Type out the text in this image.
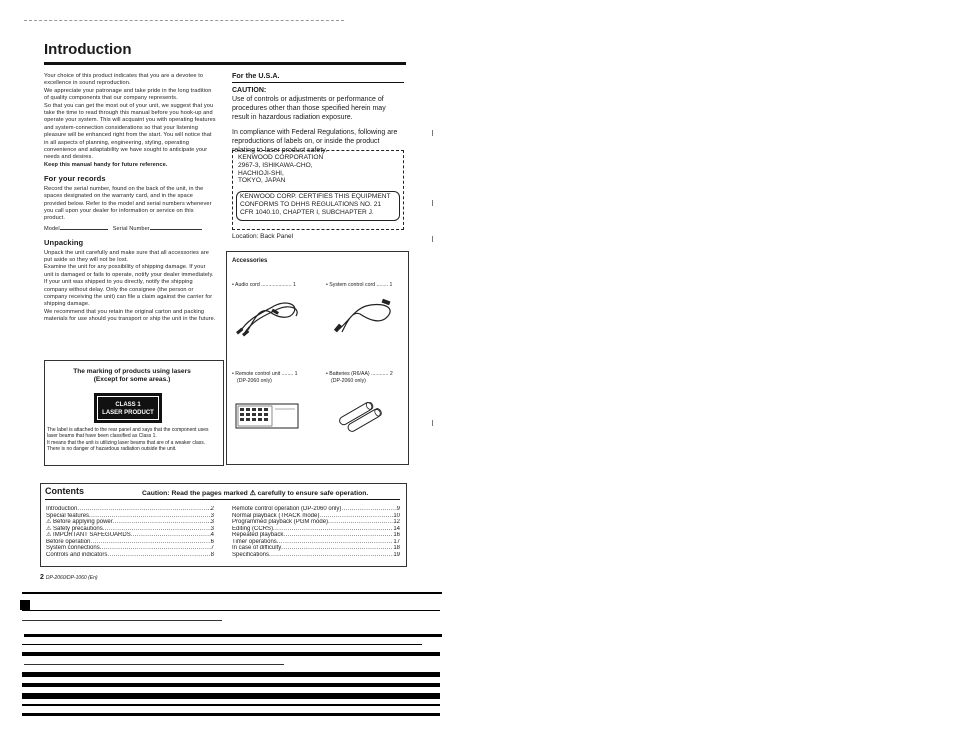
Introduction

Your choice of this product indicates that you are a devotee to excellence in sound reproduction.

We appreciate your patronage and take pride in the long tradition of quality components that our company represents.

So that you can get the most out of your unit, we suggest that you take the time to read through this manual before you hook-up and operate your system. This will acquaint you with operating features and system-connection considerations so that your listening pleasure will be enhanced right from the start. You will notice that in all aspects of planning, engineering, styling, operating convenience and adaptability we have sought to anticipate your needs and desires.

Keep this manual handy for future reference.

For your records

Record the serial number, found on the back of the unit, in the spaces designated on the warranty card, and in the space provided below. Refer to the model and serial numbers whenever you call upon your dealer for information or service on this product.

Model	Serial Number

Unpacking

Unpack the unit carefully and make sure that all accessories are put aside so they will not be lost.

Examine the unit for any possibility of shipping damage. If your unit is damaged or fails to operate, notify your dealer immediately. If your unit was shipped to you directly, notify the shipping company without delay. Only the consignee (the person or company receiving the unit) can file a claim against the carrier for shipping damage.

We recommend that you retain the original carton and packing materials for use should you transport or ship the unit in the future.

For the U.S.A.

CAUTION:

Use of controls or adjustments or performance of procedures other than those specified herein may result in hazardous radiation exposure.

In compliance with Federal Regulations, following are reproductions of labels on, or inside the product relating to laser product safety.

KENWOOD CORPORATION
2967-3, ISHIKAWA-CHO,
HACHIOJI-SHI,
TOKYO, JAPAN
KENWOOD CORP. CERTIFIES THIS EQUIPMENT
CONFORMS TO DHHS REGULATIONS NO. 21
CFR 1040.10, CHAPTER I, SUBCHAPTER J.
Location: Back Panel
Accessories
• Audio cord ..................... 1	• System control cord ........ 1
• Remote control unit ........ 1
(DP-2060 only)
• Batteries (R6/AA) ............ 2
(DP-2060 only)
The marking of products using lasers
(Except for some areas.)
CLASS 1
LASER PRODUCT
The label is attached to the rear panel and says that the component uses laser beams that have been classified as Class 1.
It means that the unit is utilizing laser beams that are of a weaker class. There is no danger of hazardous radiation outside the unit.
Contents	Caution: Read the pages marked ⚠ carefully to ensure safe operation.
Introduction .....	2
Special features .....	3
⚠ Before applying power .....	3
⚠ Safety precautions .....	3
⚠ IMPORTANT SAFEGUARDS .....	4
Before operation .....	6
System connections .....	7
Controls and indicators .....	8
Remote control operation (DP-2060 only) .....	9
Normal playback (TRACK mode) .....	10
Programmed playback (PGM mode) .....	12
Editing (CCRS) .....	14
Repeated playback .....	16
Timer operations .....	17
In case of difficulty .....	18
Specifications .....	19
2 DP-2060/DP-1060 (En)
